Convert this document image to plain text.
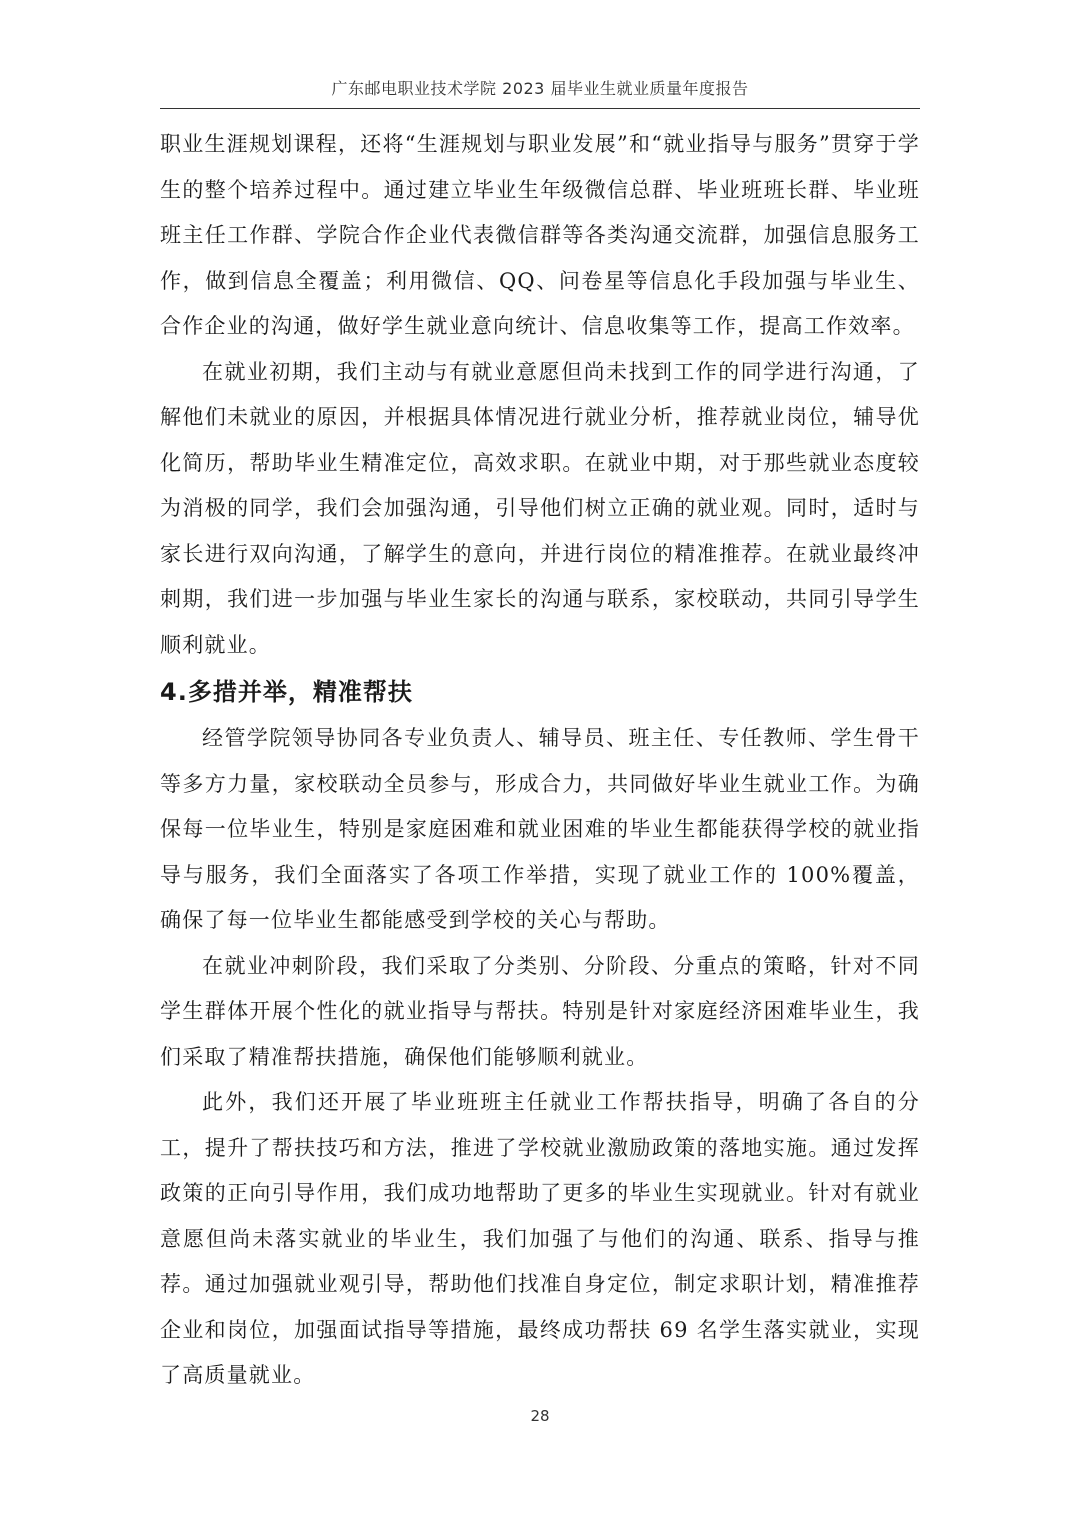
广东邮电职业技术学院 2023 届毕业生就业质量年度报告

职业生涯规划课程，还将“生涯规划与职业发展”和“就业指导与服务”贯穿于学生的整个培养过程中。通过建立毕业生年级微信总群、毕业班班长群、毕业班班主任工作群、学院合作企业代表微信群等各类沟通交流群，加强信息服务工作，做到信息全覆盖；利用微信、QQ、问卷星等信息化手段加强与毕业生、合作企业的沟通，做好学生就业意向统计、信息收集等工作，提高工作效率。

在就业初期，我们主动与有就业意愿但尚未找到工作的同学进行沟通，了解他们未就业的原因，并根据具体情况进行就业分析，推荐就业岗位，辅导优化简历，帮助毕业生精准定位，高效求职。在就业中期，对于那些就业态度较为消极的同学，我们会加强沟通，引导他们树立正确的就业观。同时，适时与家长进行双向沟通，了解学生的意向，并进行岗位的精准推荐。在就业最终冲刺期，我们进一步加强与毕业生家长的沟通与联系，家校联动，共同引导学生顺利就业。

4.多措并举，精准帮扶

经管学院领导协同各专业负责人、辅导员、班主任、专任教师、学生骨干等多方力量，家校联动全员参与，形成合力，共同做好毕业生就业工作。为确保每一位毕业生，特别是家庭困难和就业困难的毕业生都能获得学校的就业指导与服务，我们全面落实了各项工作举措，实现了就业工作的 100%覆盖，确保了每一位毕业生都能感受到学校的关心与帮助。

在就业冲刺阶段，我们采取了分类别、分阶段、分重点的策略，针对不同学生群体开展个性化的就业指导与帮扶。特别是针对家庭经济困难毕业生，我们采取了精准帮扶措施，确保他们能够顺利就业。

此外，我们还开展了毕业班班主任就业工作帮扶指导，明确了各自的分工，提升了帮扶技巧和方法，推进了学校就业激励政策的落地实施。通过发挥政策的正向引导作用，我们成功地帮助了更多的毕业生实现就业。针对有就业意愿但尚未落实就业的毕业生，我们加强了与他们的沟通、联系、指导与推荐。通过加强就业观引导，帮助他们找准自身定位，制定求职计划，精准推荐企业和岗位，加强面试指导等措施，最终成功帮扶 69 名学生落实就业，实现了高质量就业。

28
